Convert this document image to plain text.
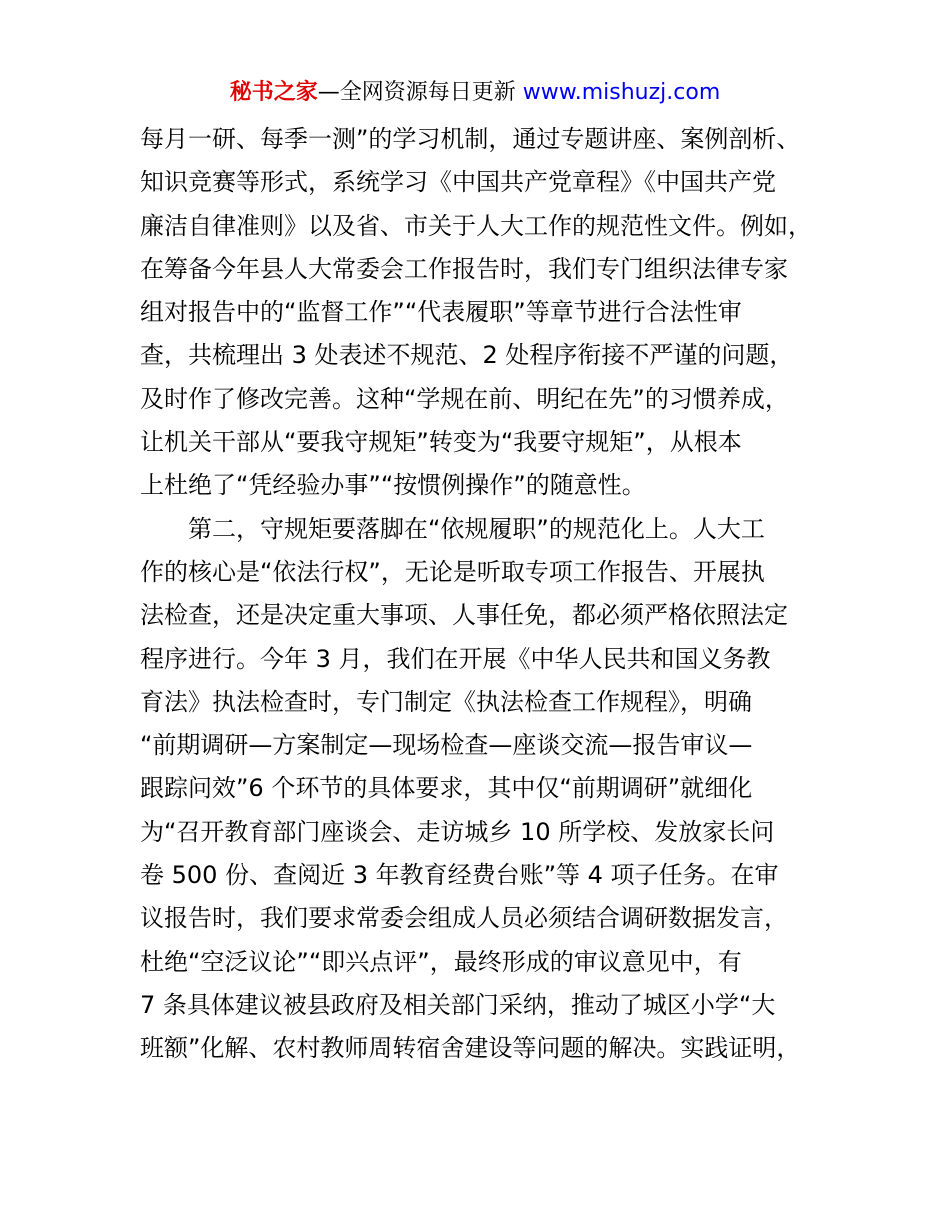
秘书之家—全网资源每日更新 www.mishuzj.com
每月一研、每季一测”的学习机制，通过专题讲座、案例剖析、
知识竞赛等形式，系统学习《中国共产党章程》《中国共产党
廉洁自律准则》以及省、市关于人大工作的规范性文件。例如，
在筹备今年县人大常委会工作报告时，我们专门组织法律专家
组对报告中的“监督工作”“代表履职”等章节进行合法性审
查，共梳理出 3 处表述不规范、2 处程序衔接不严谨的问题，
及时作了修改完善。这种“学规在前、明纪在先”的习惯养成，
让机关干部从“要我守规矩”转变为“我要守规矩”，从根本
上杜绝了“凭经验办事”“按惯例操作”的随意性。
第二，守规矩要落脚在“依规履职”的规范化上。人大工
作的核心是“依法行权”，无论是听取专项工作报告、开展执
法检查，还是决定重大事项、人事任免，都必须严格依照法定
程序进行。今年 3 月，我们在开展《中华人民共和国义务教
育法》执法检查时，专门制定《执法检查工作规程》，明确
“前期调研—方案制定—现场检查—座谈交流—报告审议—
跟踪问效”6 个环节的具体要求，其中仅“前期调研”就细化
为“召开教育部门座谈会、走访城乡 10 所学校、发放家长问
卷 500 份、查阅近 3 年教育经费台账”等 4 项子任务。在审
议报告时，我们要求常委会组成人员必须结合调研数据发言，
杜绝“空泛议论”“即兴点评”，最终形成的审议意见中，有
7 条具体建议被县政府及相关部门采纳，推动了城区小学“大
班额”化解、农村教师周转宿舍建设等问题的解决。实践证明，
